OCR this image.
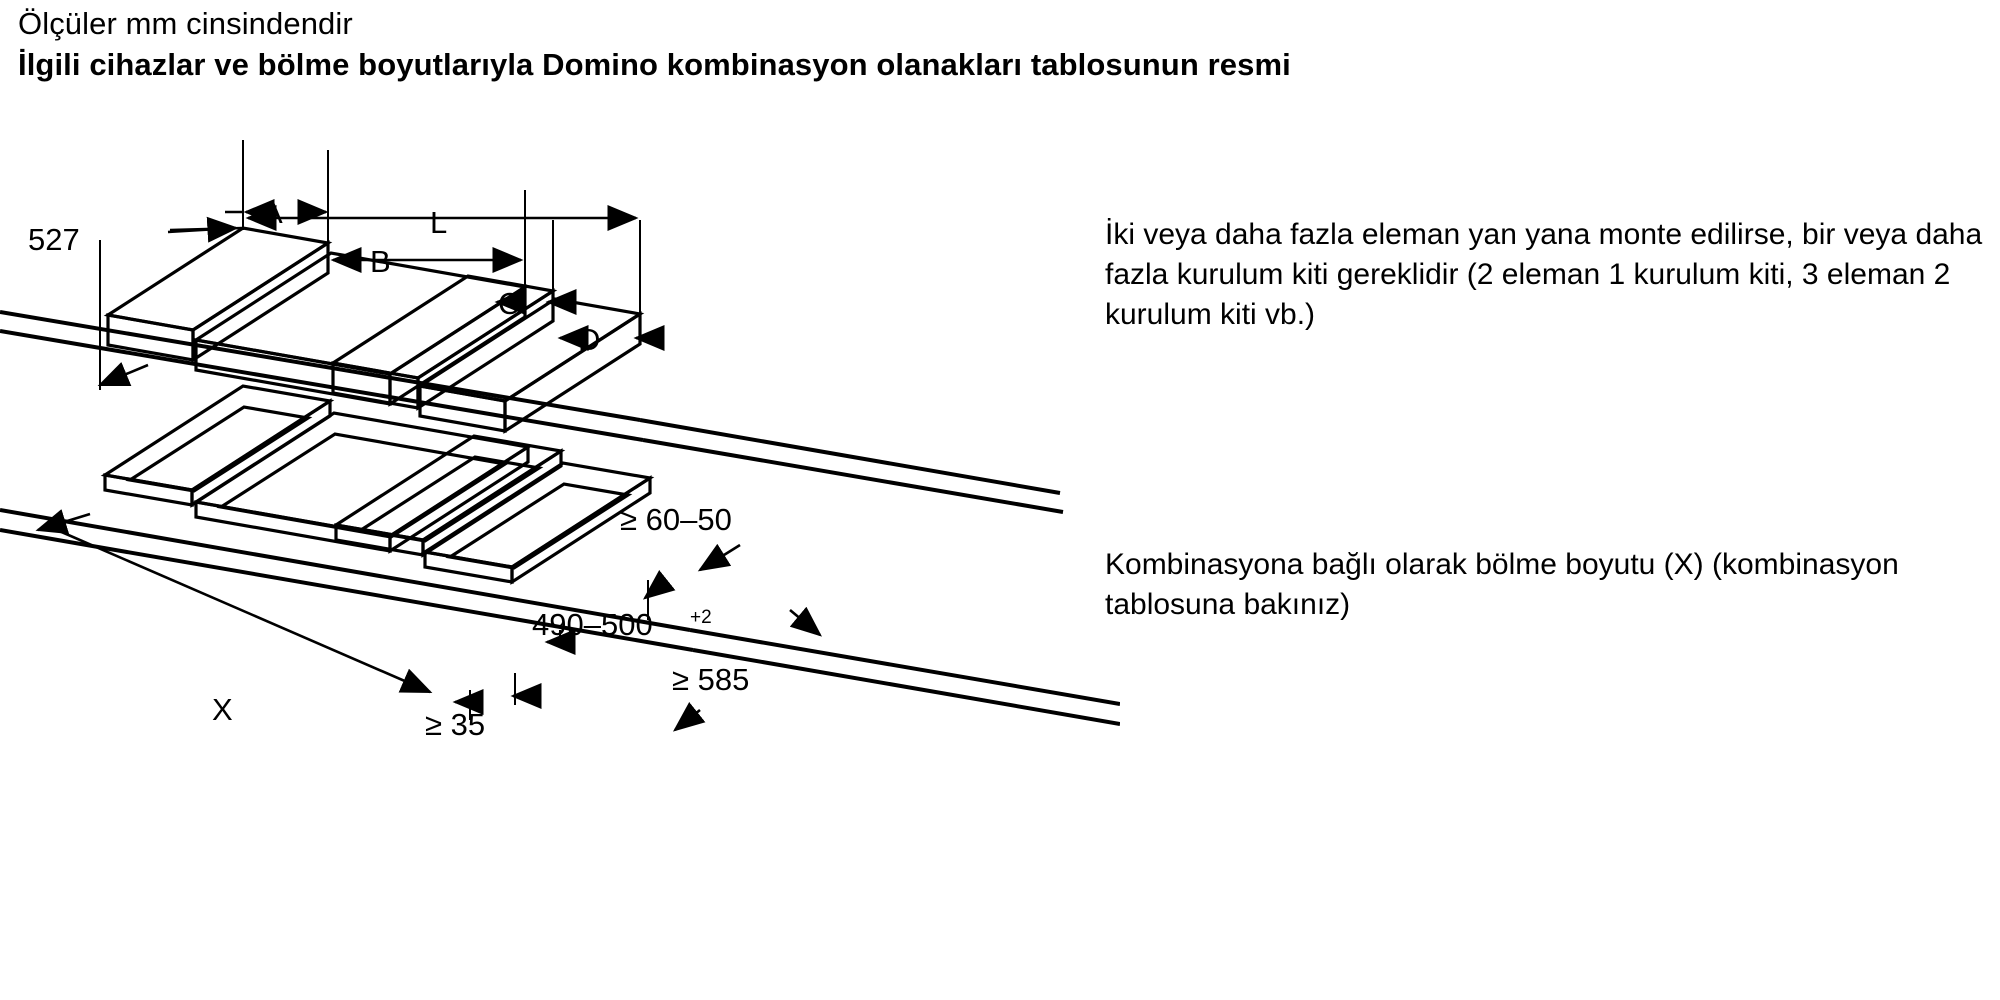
Ölçüler mm cinsindendir
İlgili cihazlar ve bölme boyutlarıyla Domino kombinasyon olanakları tablosunun resmi
İki veya daha fazla eleman yan yana monte edilirse, bir veya daha fazla kurulum kiti gereklidir (2 eleman 1 kurulum kiti, 3 eleman 2 kurulum kiti vb.)
Kombinasyona bağlı olarak bölme boyutu (X) (kombinasyon tablosuna bakınız)
527
A	L
B
C
D
X
≥ 60–50
490–500 +2
≥ 585
≥ 35
